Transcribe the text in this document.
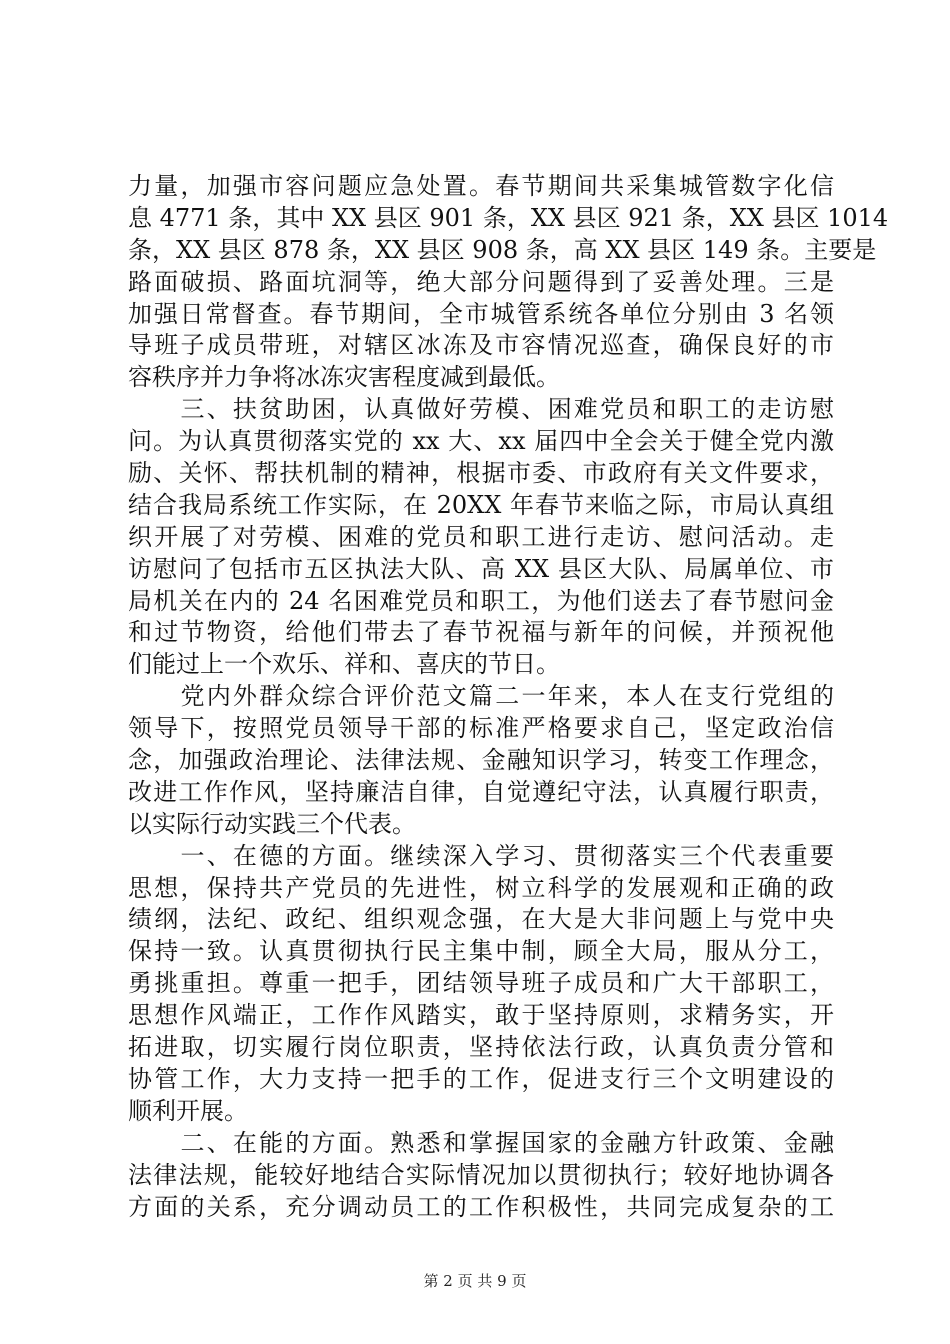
力量，加强市容问题应急处置。春节期间共采集城管数字化信
息 4771 条，其中 XX 县区 901 条，XX 县区 921 条，XX 县区 1014
条，XX 县区 878 条，XX 县区 908 条，高 XX 县区 149 条。主要是
路面破损、路面坑洞等，绝大部分问题得到了妥善处理。三是
加强日常督查。春节期间，全市城管系统各单位分别由 3 名领
导班子成员带班，对辖区冰冻及市容情况巡查，确保良好的市
容秩序并力争将冰冻灾害程度减到最低。
　　三、扶贫助困，认真做好劳模、困难党员和职工的走访慰
问。为认真贯彻落实党的 xx 大、xx 届四中全会关于健全党内激
励、关怀、帮扶机制的精神，根据市委、市政府有关文件要求，
结合我局系统工作实际，在 20XX 年春节来临之际，市局认真组
织开展了对劳模、困难的党员和职工进行走访、慰问活动。走
访慰问了包括市五区执法大队、高 XX 县区大队、局属单位、市
局机关在内的 24 名困难党员和职工，为他们送去了春节慰问金
和过节物资，给他们带去了春节祝福与新年的问候，并预祝他
们能过上一个欢乐、祥和、喜庆的节日。
　　党内外群众综合评价范文篇二一年来，本人在支行党组的
领导下，按照党员领导干部的标准严格要求自己，坚定政治信
念，加强政治理论、法律法规、金融知识学习，转变工作理念，
改进工作作风，坚持廉洁自律，自觉遵纪守法，认真履行职责，
以实际行动实践三个代表。
　　一、在德的方面。继续深入学习、贯彻落实三个代表重要
思想，保持共产党员的先进性，树立科学的发展观和正确的政
绩纲，法纪、政纪、组织观念强，在大是大非问题上与党中央
保持一致。认真贯彻执行民主集中制，顾全大局，服从分工，
勇挑重担。尊重一把手，团结领导班子成员和广大干部职工，
思想作风端正，工作作风踏实，敢于坚持原则，求精务实，开
拓进取，切实履行岗位职责，坚持依法行政，认真负责分管和
协管工作，大力支持一把手的工作，促进支行三个文明建设的
顺利开展。
　　二、在能的方面。熟悉和掌握国家的金融方针政策、金融
法律法规，能较好地结合实际情况加以贯彻执行；较好地协调各
方面的关系，充分调动员工的工作积极性，共同完成复杂的工
第 2 页 共 9 页
